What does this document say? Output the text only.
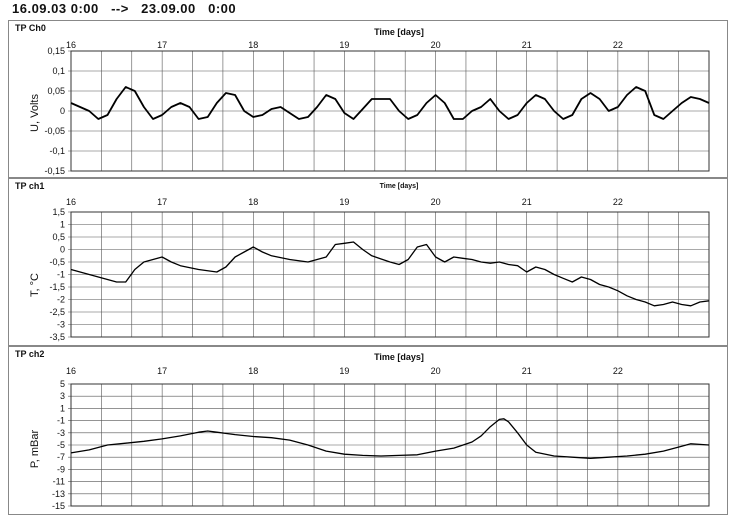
16.09.03 0:00   -->   23.09.00   0:00
TP Ch0	Time [days]
U, Volts
0,15
0,1
0,05
0
-0,05
-0,1
-0,15
16	17	18	19	20	21	22
TP ch1	Time [days]
T, °C
1,5
1
0,5
0
-0,5
-1
-1,5
-2
-2,5
-3
-3,5
16	17	18	19	20	21	22
TP ch2	Time [days]
P, mBar
5
3
1
-1
-3
-5
-7
-9
-11
-13
-15
16	17	18	19	20	21	22
